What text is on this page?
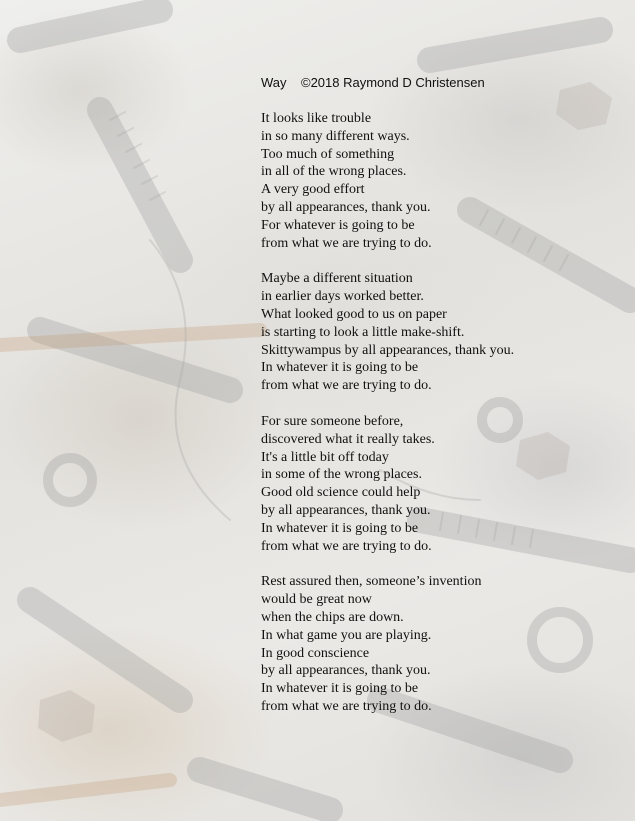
Way ©2018 Raymond D Christensen
It looks like trouble
in so many different ways.
Too much of something
in all of the wrong places.
A very good effort
by all appearances, thank you.
For whatever is going to be
from what we are trying to do.
Maybe a different situation
in earlier days worked better.
What looked good to us on paper
is starting to look a little make-shift.
Skittywampus by all appearances, thank you.
In whatever it is going to be
from what we are trying to do.
For sure someone before,
discovered what it really takes.
It's a little bit off today
in some of the wrong places.
Good old science could help
by all appearances, thank you.
In whatever it is going to be
from what we are trying to do.
Rest assured then, someone’s invention
would be great now
when the chips are down.
In what game you are playing.
In good conscience
by all appearances, thank you.
In whatever it is going to be
from what we are trying to do.
